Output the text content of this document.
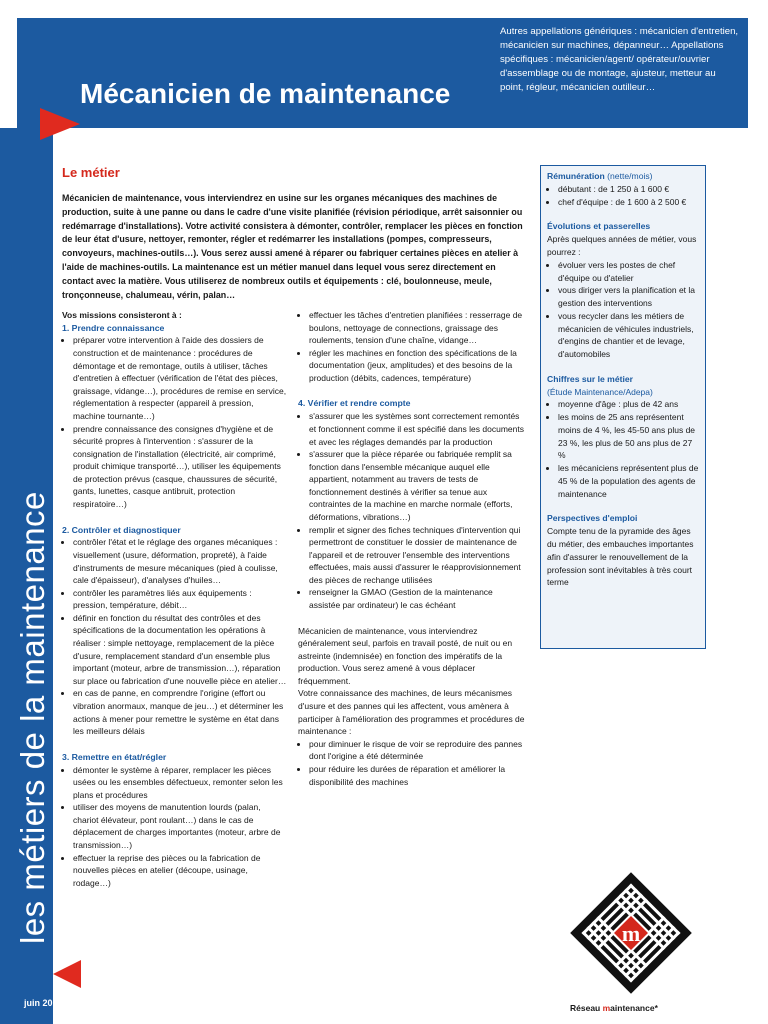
Mécanicien de maintenance
Autres appellations génériques : mécanicien d'entretien, mécanicien sur machines, dépanneur… Appellations spécifiques : mécanicien/agent/ opérateur/ouvrier d'assemblage ou de montage, ajusteur, metteur au point, régleur, mécanicien outilleur…
les métiers de la maintenance
juin 2010
Le métier
Mécanicien de maintenance, vous interviendrez en usine sur les organes mécaniques des machines de production, suite à une panne ou dans le cadre d'une visite planifiée (révision périodique, arrêt saisonnier ou redémarrage d'installations). Votre activité consistera à démonter, contrôler, remplacer les pièces en fonction de leur état d'usure, nettoyer, remonter, régler et redémarrer les installations (pompes, compresseurs, convoyeurs, machines-outils…). Vous serez aussi amené à réparer ou fabriquer certaines pièces en atelier à l'aide de machines-outils. La maintenance est un métier manuel dans lequel vous serez directement en contact avec la matière. Vous utiliserez de nombreux outils et équipements : clé, boulonneuse, meule, tronçonneuse, chalumeau, vérin, palan…

Vos missions consisteront à :

1. Prendre connaissance
• préparer votre intervention à l'aide des dossiers de construction et de maintenance : procédures de démontage et de remontage, outils à utiliser, tâches d'entretien à effectuer (vérification de l'état des pièces, graissage, vidange…), procédures de remise en service, réglementation à respecter (appareil à pression, machine tournante…)
• prendre connaissance des consignes d'hygiène et de sécurité propres à l'intervention : s'assurer de la consignation de l'installation (électricité, air comprimé, produit chimique transporté…), utiliser les équipements de protection prévus (casque, chaussures de sécurité, gants, lunettes, casque antibruit, protection respiratoire…)
2. Contrôler et diagnostiquer
• contrôler l'état et le réglage des organes mécaniques : visuellement (usure, déformation, propreté), à l'aide d'instruments de mesure mécaniques (pied à coulisse, cale d'épaisseur), d'analyses d'huiles…
• contrôler les paramètres liés aux équipements : pression, température, débit…
• définir en fonction du résultat des contrôles et des spécifications de la documentation les opérations à réaliser : simple nettoyage, remplacement de la pièce d'usure, remplacement standard d'un ensemble plus important (moteur, arbre de transmission…), réparation sur place ou fabrication d'une nouvelle pièce en atelier…
• en cas de panne, en comprendre l'origine (effort ou vibration anormaux, manque de jeu…) et déterminer les actions à mener pour remettre le système en état dans les meilleurs délais
3. Remettre en état/régler
• démonter le système à réparer, remplacer les pièces usées ou les ensembles défectueux, remonter selon les plans et procédures
• utiliser des moyens de manutention lourds (palan, chariot élévateur, pont roulant…) dans le cas de déplacement de charges importantes (moteur, arbre de transmission…)
• effectuer la reprise des pièces ou la fabrication de nouvelles pièces en atelier (découpe, usinage, rodage…)
• effectuer les tâches d'entretien planifiées : resserrage de boulons, nettoyage de connections, graissage des roulements, tension d'une chaîne, vidange…
• régler les machines en fonction des spécifications de la documentation (jeux, amplitudes) et des besoins de la production (débits, cadences, température)
4. Vérifier et rendre compte
• s'assurer que les systèmes sont correctement remontés et fonctionnent comme il est spécifié dans les documents et avec les réglages demandés par la production
• s'assurer que la pièce réparée ou fabriquée remplit sa fonction dans l'ensemble mécanique auquel elle appartient, notamment au travers de tests de fonctionnement destinés à vérifier sa tenue aux contraintes de la machine en marche normale (efforts, déformations, vibrations…)
• remplir et signer des fiches techniques d'intervention qui permettront de constituer le dossier de maintenance de l'appareil et de retrouver l'ensemble des interventions effectuées, mais aussi d'assurer le réapprovisionnement des pièces de rechange utilisées
• renseigner la GMAO (Gestion de la maintenance assistée par ordinateur) le cas échéant

Mécanicien de maintenance, vous interviendrez généralement seul, parfois en travail posté, de nuit ou en astreinte (indemnisée) en fonction des impératifs de la production. Vous serez amené à vous déplacer fréquemment.

Votre connaissance des machines, de leurs mécanismes d'usure et des pannes qui les affectent, vous amènera à participer à l'amélioration des programmes et procédures de maintenance :

• pour diminuer le risque de voir se reproduire des pannes dont l'origine a été déterminée
• pour réduire les durées de réparation et améliorer la disponibilité des machines
Rémunération (nette/mois)
• débutant : de 1 250 à 1 600 €
• chef d'équipe : de 1 600 à 2 500 €
Évolutions et passerelles

Après quelques années de métier, vous pourrez :

• évoluer vers les postes de chef d'équipe ou d'atelier
• vous diriger vers la planification et la gestion des interventions
• vous recycler dans les métiers de mécanicien de véhicules industriels, d'engins de chantier et de levage, d'automobiles
Chiffres sur le métier
(Étude Maintenance/Adepa)
• moyenne d'âge : plus de 42 ans
• les moins de 25 ans représentent moins de 4 %, les 45-50 ans plus de 23 %, les plus de 50 ans plus de 27 %
• les mécaniciens représentent plus de 45 % de la population des agents de maintenance
Perspectives d'emploi

Compte tenu de la pyramide des âges du métier, des embauches importantes afin d'assurer le renouvellement de la profession sont inévitables à très court terme

m
Réseau maintenance*
